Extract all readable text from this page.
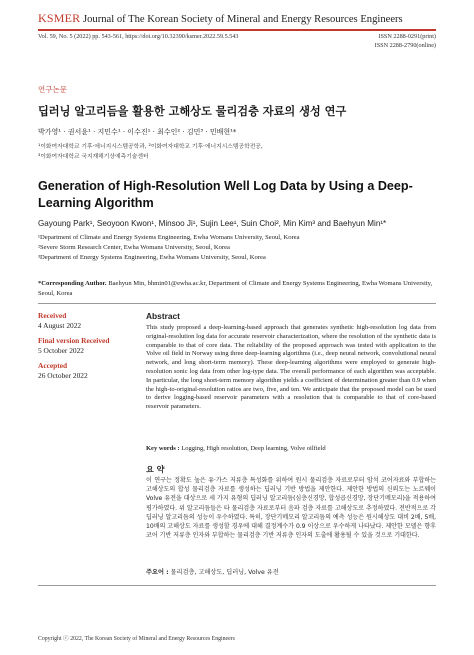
KSMER Journal of The Korean Society of Mineral and Energy Resources Engineers
Vol. 59, No. 5 (2022) pp. 543-561, https://doi.org/10.32390/ksmer.2022.59.5.543	ISSN 2288-0291(print)
ISSN 2288-2790(online)
연구논문
딥러닝 알고리듬을 활용한 고해상도 물리검층 자료의 생성 연구
박가영¹ · 권서윤¹ · 지민수¹ · 이수진¹ · 최수인² · 김민³ · 민배현¹*
¹이화여자대학교 기후·에너지시스템공학과, ²이화여자대학교 기후·에너지시스템공학전공,
³이화여자대학교 국지재해기상예측기술센터
Generation of High-Resolution Well Log Data by Using a Deep-Learning Algorithm
Gayoung Park¹, Seoyoon Kwon¹, Minsoo Ji¹, Sujin Lee¹, Suin Choi², Min Kim³ and Baehyun Min¹*
¹Department of Climate and Energy Systems Engineering, Ewha Womans University, Seoul, Korea
²Severe Storm Research Center, Ewha Womans University, Seoul, Korea
³Department of Energy Systems Engineering, Ewha Womans University, Seoul, Korea
*Corresponding Author. Baehyun Min, bhmin01@ewha.ac.kr, Department of Climate and Energy Systems Engineering, Ewha Womans University, Seoul, Korea
Received
4 August 2022
Final version Received
5 October 2022
Accepted
26 October 2022
Abstract
This study proposed a deep-learning-based approach that generates synthetic high-resolution log data from original-resolution log data for accurate reservoir characterization, where the resolution of the synthetic data is comparable to that of core data. The reliability of the proposed approach was tested with application to the Volve oil field in Norway using three deep-learning algorithms (i.e., deep neural network, convolutional neural network, and long short-term memory). These deep-learning algorithms were employed to generate high-resolution sonic log data from other log-type data. The overall performance of each algorithm was acceptable. In particular, the long short-term memory algorithm yields a coefficient of determination greater than 0.9 when the high-to-original-resolution ratios are two, five, and ten. We anticipate that the proposed model can be used to derive logging-based reservoir parameters with a resolution that is comparable to that of core-based reservoir parameters.
Key words : Logging, High resolution, Deep learning, Volve oilfield
요 약
이 연구는 정확도 높은 유·가스 저류층 특성화를 위하여 원시 물리검층 자료로부터 암석 코어자료와 부합하는 고해상도의 합성 물리검층 자료를 생성하는 딥러닝 기반 방법을 제안한다. 제안한 방법의 신뢰도는 노르웨이 Volve 유전을 대상으로 세 가지 유형의 딥러닝 알고리듬(심층신경망, 합성곱신경망, 장단기메모리)을 적용하여 평가하였다. 위 알고리듬들은 타 물리검층 자료로부터 음파 검층 자료를 고해상도로 추정하였다. 전반적으로 각 딥러닝 알고리듬의 성능이 우수하였다. 특히, 장단기메모리 알고리듬의 예측 성능은 원시해상도 대비 2배, 5배, 10배의 고해상도 자료를 생성할 경우에 대해 결정계수가 0.9 이상으로 우수하게 나타났다. 제안한 모델은 향후 코어 기반 저류층 인자와 부합하는 물리검층 기반 저류층 인자의 도출에 활용될 수 있을 것으로 기대한다.
주요어 : 물리검층, 고해상도, 딥러닝, Volve 유전
Copyright ⓒ 2022, The Korean Society of Mineral and Energy Resources Engineers
